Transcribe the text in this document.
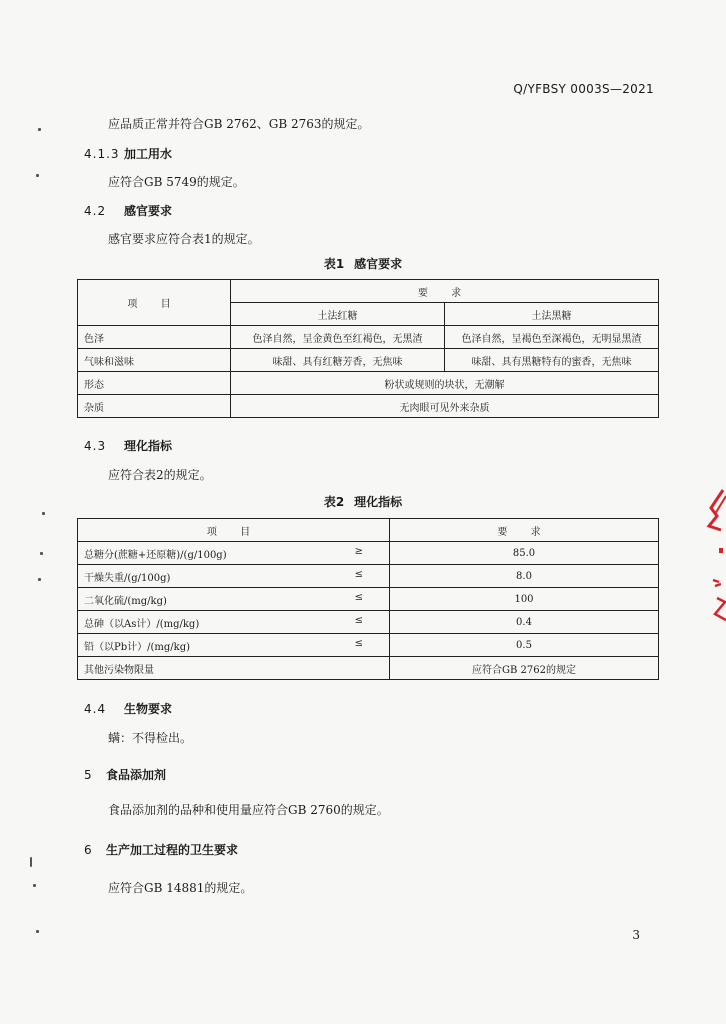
Q/YFBSY 0003S—2021
应品质正常并符合GB 2762、GB 2763的规定。
4.1.3 加工用水
应符合GB 5749的规定。
4.2 感官要求
感官要求应符合表1的规定。
表1 感官要求
项 目	要 求	
	土法红糖	土法黑糖
色泽	色泽自然，呈金黄色至红褐色，无黑渣	色泽自然，呈褐色至深褐色，无明显黑渣
气味和滋味	味甜、具有红糖芳香，无焦味	味甜、具有黑糖特有的蜜香，无焦味
形态	粉状或规则的块状，无潮解	
杂质	无肉眼可见外来杂质	
4.3 理化指标
应符合表2的规定。
表2 理化指标
项 目	要 求
总糖分(蔗糖+还原糖)/(g/100g) ≥	85.0
干燥失重/(g/100g) ≤	8.0
二氧化硫/(mg/kg) ≤	100
总砷（以As计）/(mg/kg) ≤	0.4
铅（以Pb计）/(mg/kg) ≤	0.5
其他污染物限量	应符合GB 2762的规定
4.4 生物要求
螨：不得检出。
5 食品添加剂
食品添加剂的品种和使用量应符合GB 2760的规定。
6 生产加工过程的卫生要求
应符合GB 14881的规定。
3
